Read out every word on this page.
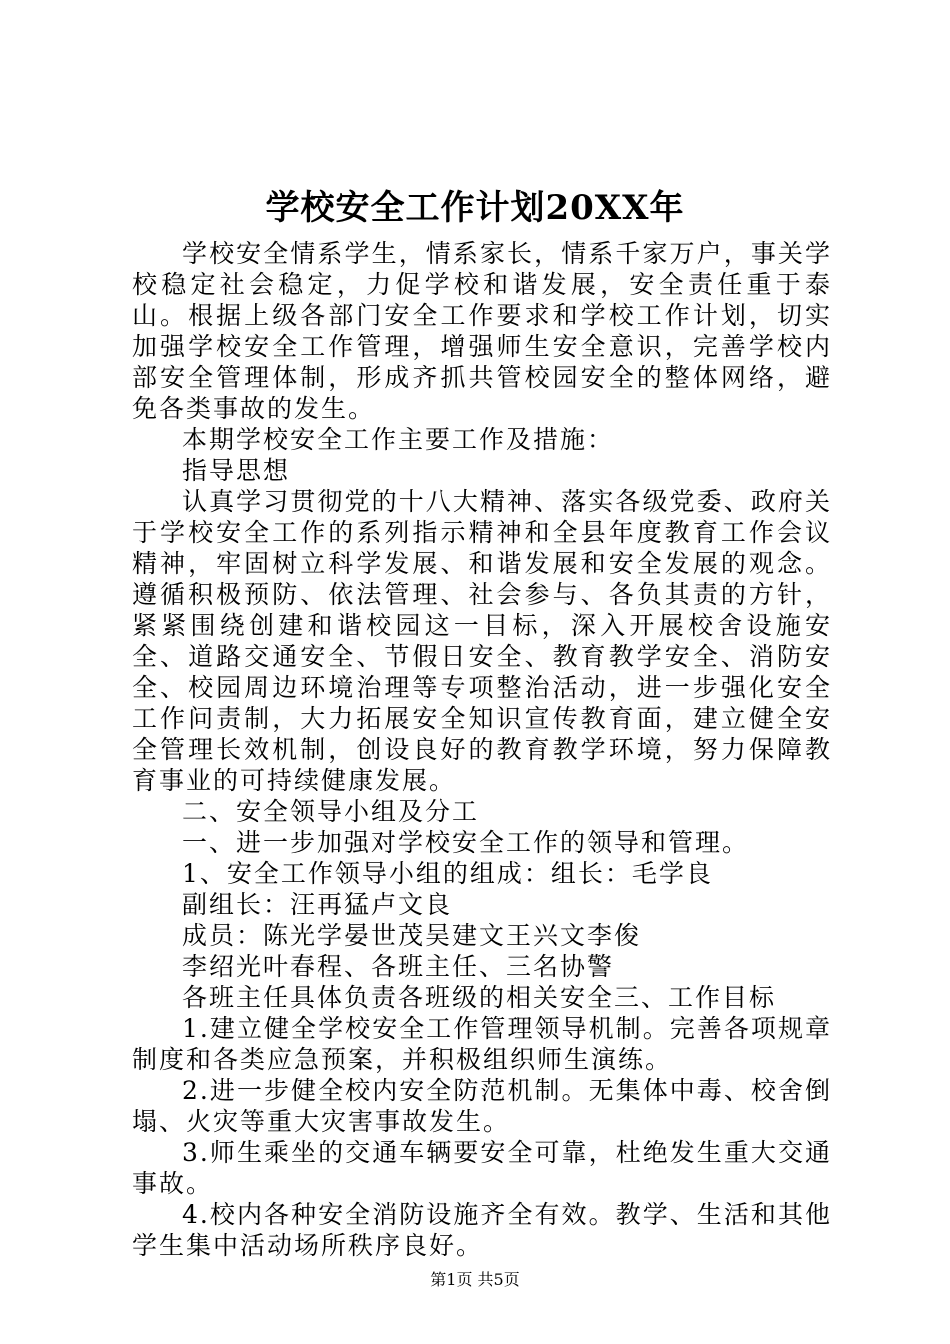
学校安全工作计划20XX年

学校安全情系学生，情系家长，情系千家万户，事关学校稳定社会稳定，力促学校和谐发展，安全责任重于泰山。根据上级各部门安全工作要求和学校工作计划，切实加强学校安全工作管理，增强师生安全意识，完善学校内部安全管理体制，形成齐抓共管校园安全的整体网络，避免各类事故的发生。

本期学校安全工作主要工作及措施：

指导思想

认真学习贯彻党的十八大精神、落实各级党委、政府关于学校安全工作的系列指示精神和全县年度教育工作会议精神，牢固树立科学发展、和谐发展和安全发展的观念。遵循积极预防、依法管理、社会参与、各负其责的方针，紧紧围绕创建和谐校园这一目标，深入开展校舍设施安全、道路交通安全、节假日安全、教育教学安全、消防安全、校园周边环境治理等专项整治活动，进一步强化安全工作问责制，大力拓展安全知识宣传教育面，建立健全安全管理长效机制，创设良好的教育教学环境，努力保障教育事业的可持续健康发展。

二、安全领导小组及分工

一、进一步加强对学校安全工作的领导和管理。

1、安全工作领导小组的组成：组长：毛学良

副组长：汪再猛卢文良

成员：陈光学晏世茂吴建文王兴文李俊

李绍光叶春程、各班主任、三名协警

各班主任具体负责各班级的相关安全三、工作目标

1.建立健全学校安全工作管理领导机制。完善各项规章制度和各类应急预案，并积极组织师生演练。

2.进一步健全校内安全防范机制。无集体中毒、校舍倒塌、火灾等重大灾害事故发生。

3.师生乘坐的交通车辆要安全可靠，杜绝发生重大交通事故。

4.校内各种安全消防设施齐全有效。教学、生活和其他学生集中活动场所秩序良好。

第1页 共5页
